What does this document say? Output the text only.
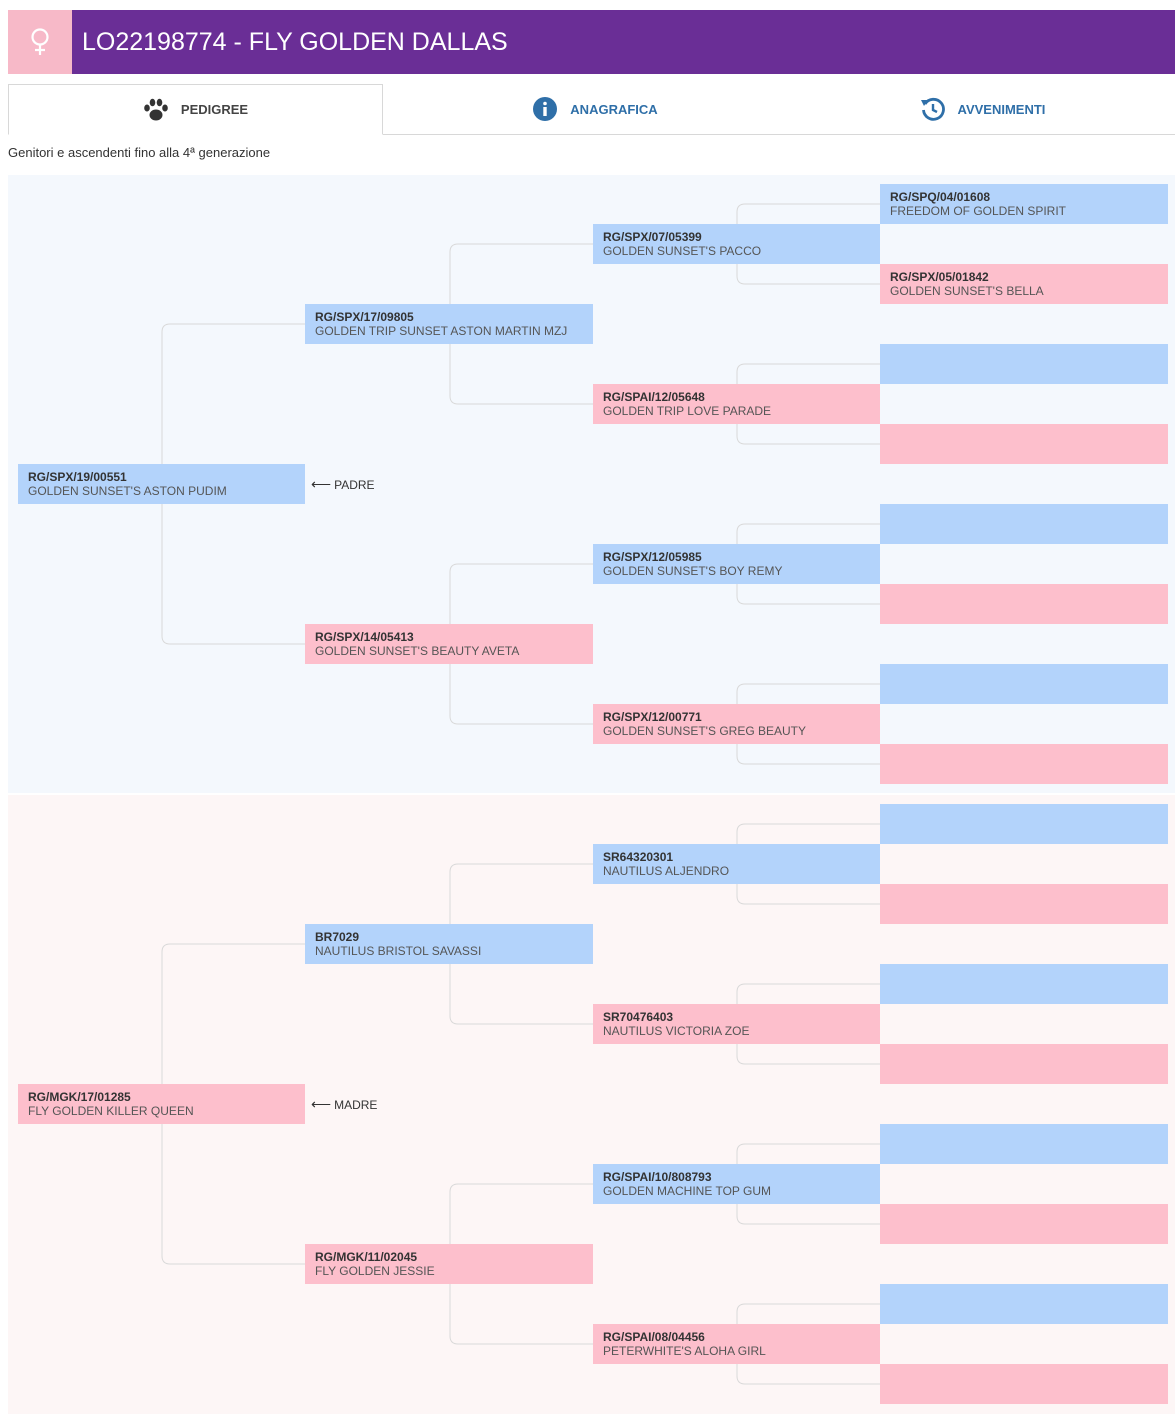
LO22198774 - FLY GOLDEN DALLAS
PEDIGREE	ANAGRAFICA	AVVENIMENTI
Genitori e ascendenti fino alla 4ª generazione
RG/SPX/19/00551
GOLDEN SUNSET'S ASTON PUDIM	⟵ PADRE
RG/MGK/17/01285
FLY GOLDEN KILLER QUEEN	⟵ MADRE
RG/SPX/17/09805
GOLDEN TRIP SUNSET ASTON MARTIN MZJ
RG/SPX/14/05413
GOLDEN SUNSET'S BEAUTY AVETA
BR7029
NAUTILUS BRISTOL SAVASSI
RG/MGK/11/02045
FLY GOLDEN JESSIE
RG/SPX/07/05399
GOLDEN SUNSET'S PACCO
RG/SPAI/12/05648
GOLDEN TRIP LOVE PARADE
RG/SPX/12/05985
GOLDEN SUNSET'S BOY REMY
RG/SPX/12/00771
GOLDEN SUNSET'S GREG BEAUTY
SR64320301
NAUTILUS ALJENDRO
SR70476403
NAUTILUS VICTORIA ZOE
RG/SPAI/10/808793
GOLDEN MACHINE TOP GUM
RG/SPAI/08/04456
PETERWHITE'S ALOHA GIRL
RG/SPQ/04/01608
FREEDOM OF GOLDEN SPIRIT
RG/SPX/05/01842
GOLDEN SUNSET'S BELLA
